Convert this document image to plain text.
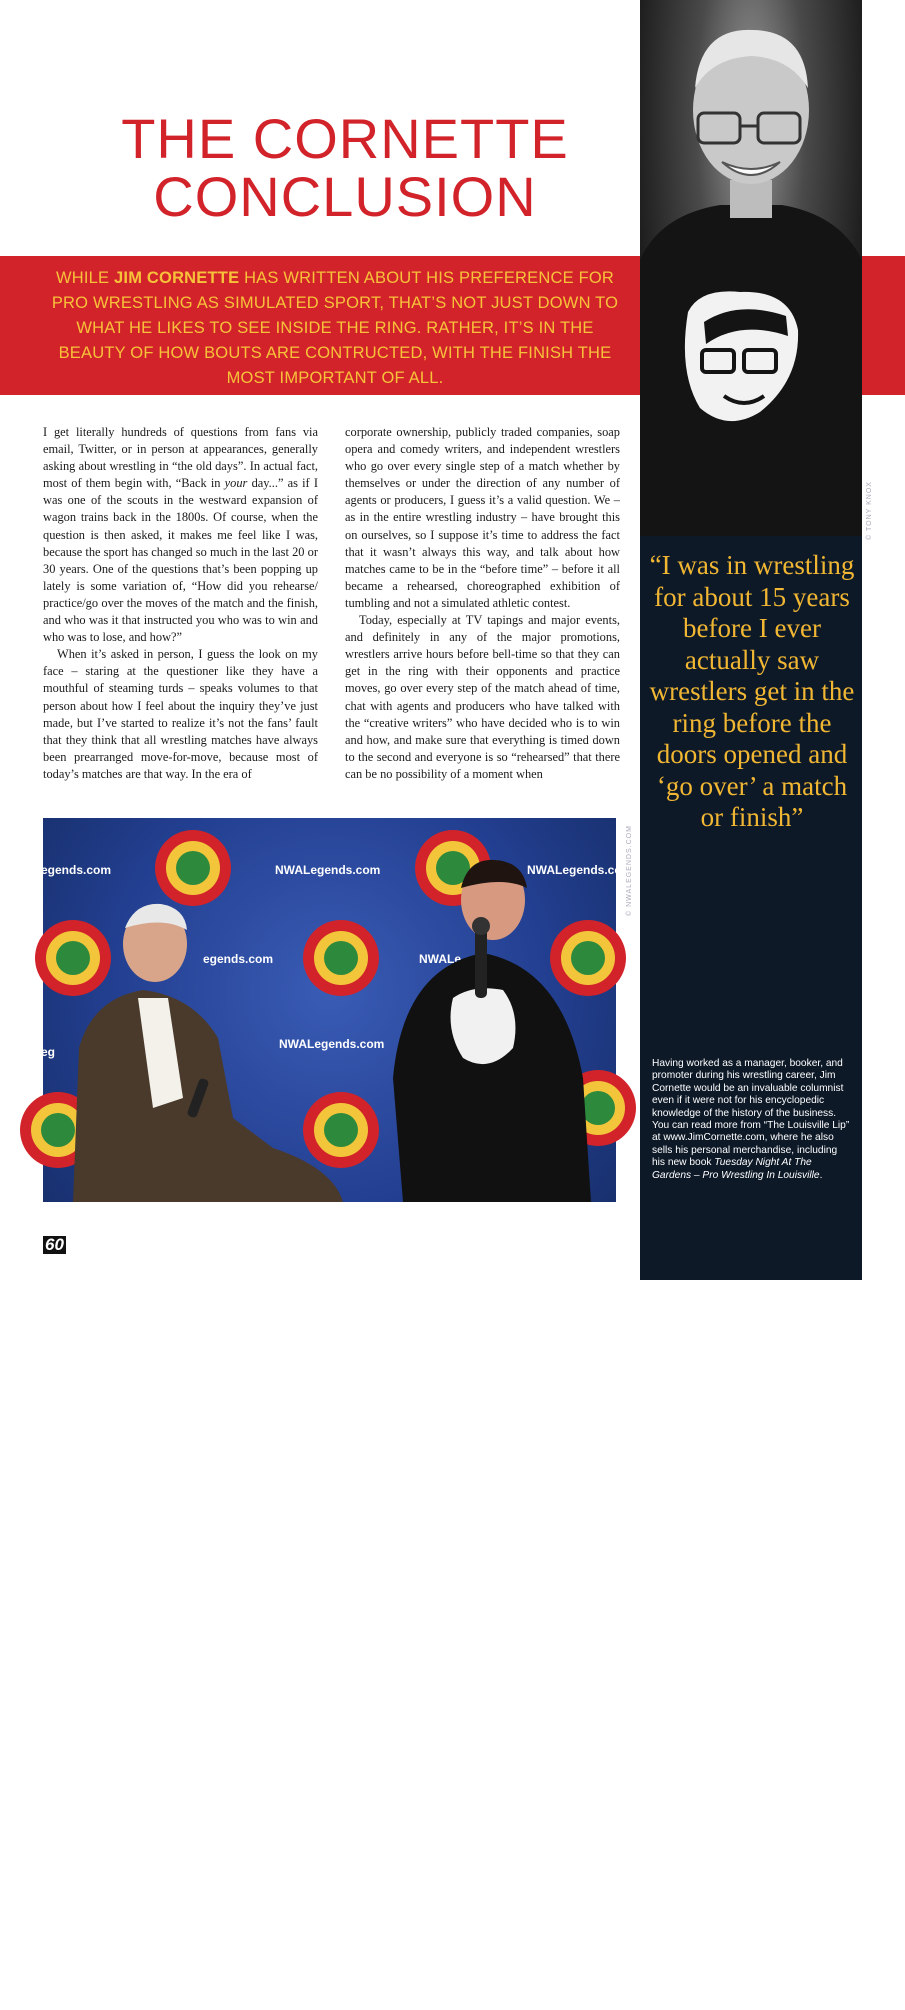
THE CORNETTE
CONCLUSION
WHILE JIM CORNETTE HAS WRITTEN ABOUT HIS PREFERENCE FOR PRO WRESTLING AS SIMULATED SPORT, THAT’S NOT JUST DOWN TO WHAT HE LIKES TO SEE INSIDE THE RING. RATHER, IT’S IN THE BEAUTY OF HOW BOUTS ARE CONTRUCTED, WITH THE FINISH THE MOST IMPORTANT OF ALL.
© TONY KNOX
“I was in wrestling for about 15 years before I ever actually saw wrestlers get in the ring before the doors opened and ‘go over’ a match or finish”

Having worked as a manager, booker, and promoter during his wrestling career, Jim Cornette would be an invaluable columnist even if it were not for his encyclopedic knowledge of the history of the business. You can read more from “The Louisville Lip” at www.JimCornette.com, where he also sells his personal merchandise, including his new book Tuesday Night At The Gardens – Pro Wrestling In Louisville.

I get literally hundreds of questions from fans via email, Twitter, or in person at appearances, generally asking about wrestling in “the old days”. In actual fact, most of them begin with, “Back in your day...” as if I was one of the scouts in the westward expansion of wagon trains back in the 1800s. Of course, when the question is then asked, it makes me feel like I was, because the sport has changed so much in the last 20 or 30 years. One of the questions that’s been popping up lately is some variation of, “How did you rehearse/ practice/go over the moves of the match and the finish, and who was it that instructed you who was to win and who was to lose, and how?”

When it’s asked in person, I guess the look on my face – staring at the questioner like they have a mouthful of steaming turds – speaks volumes to that person about how I feel about the inquiry they’ve just made, but I’ve started to realize it’s not the fans’ fault that they think that all wrestling matches have always been prearranged move-for-move, because most of today’s matches are that way. In the era of

corporate ownership, publicly traded companies, soap opera and comedy writers, and independent wrestlers who go over every single step of a match whether by themselves or under the direction of any number of agents or producers, I guess it’s a valid question. We – as in the entire wrestling industry – have brought this on ourselves, so I suppose it’s time to address the fact that it wasn’t always this way, and talk about how matches came to be in the “before time” – before it all became a rehearsed, choreographed exhibition of tumbling and not a simulated athletic contest.

Today, especially at TV tapings and major events, and definitely in any of the major promotions, wrestlers arrive hours before bell-time so that they can get in the ring with their opponents and practice moves, go over every step of the match ahead of time, chat with agents and producers who have talked with the “creative writers” who have decided who is to win and how, and make sure that everything is timed down to the second and everyone is so “rehearsed” that there can be no possibility of a moment when

NWALegends.com	NWALegends.com
egends.com
egends.com	NWALe
NWALegends.com
eg
At Q&As and conventions, Jim (here with Lance Russell) is often asked about how wrestling matches are choreographed
© NWALEGENDS.COM
60
